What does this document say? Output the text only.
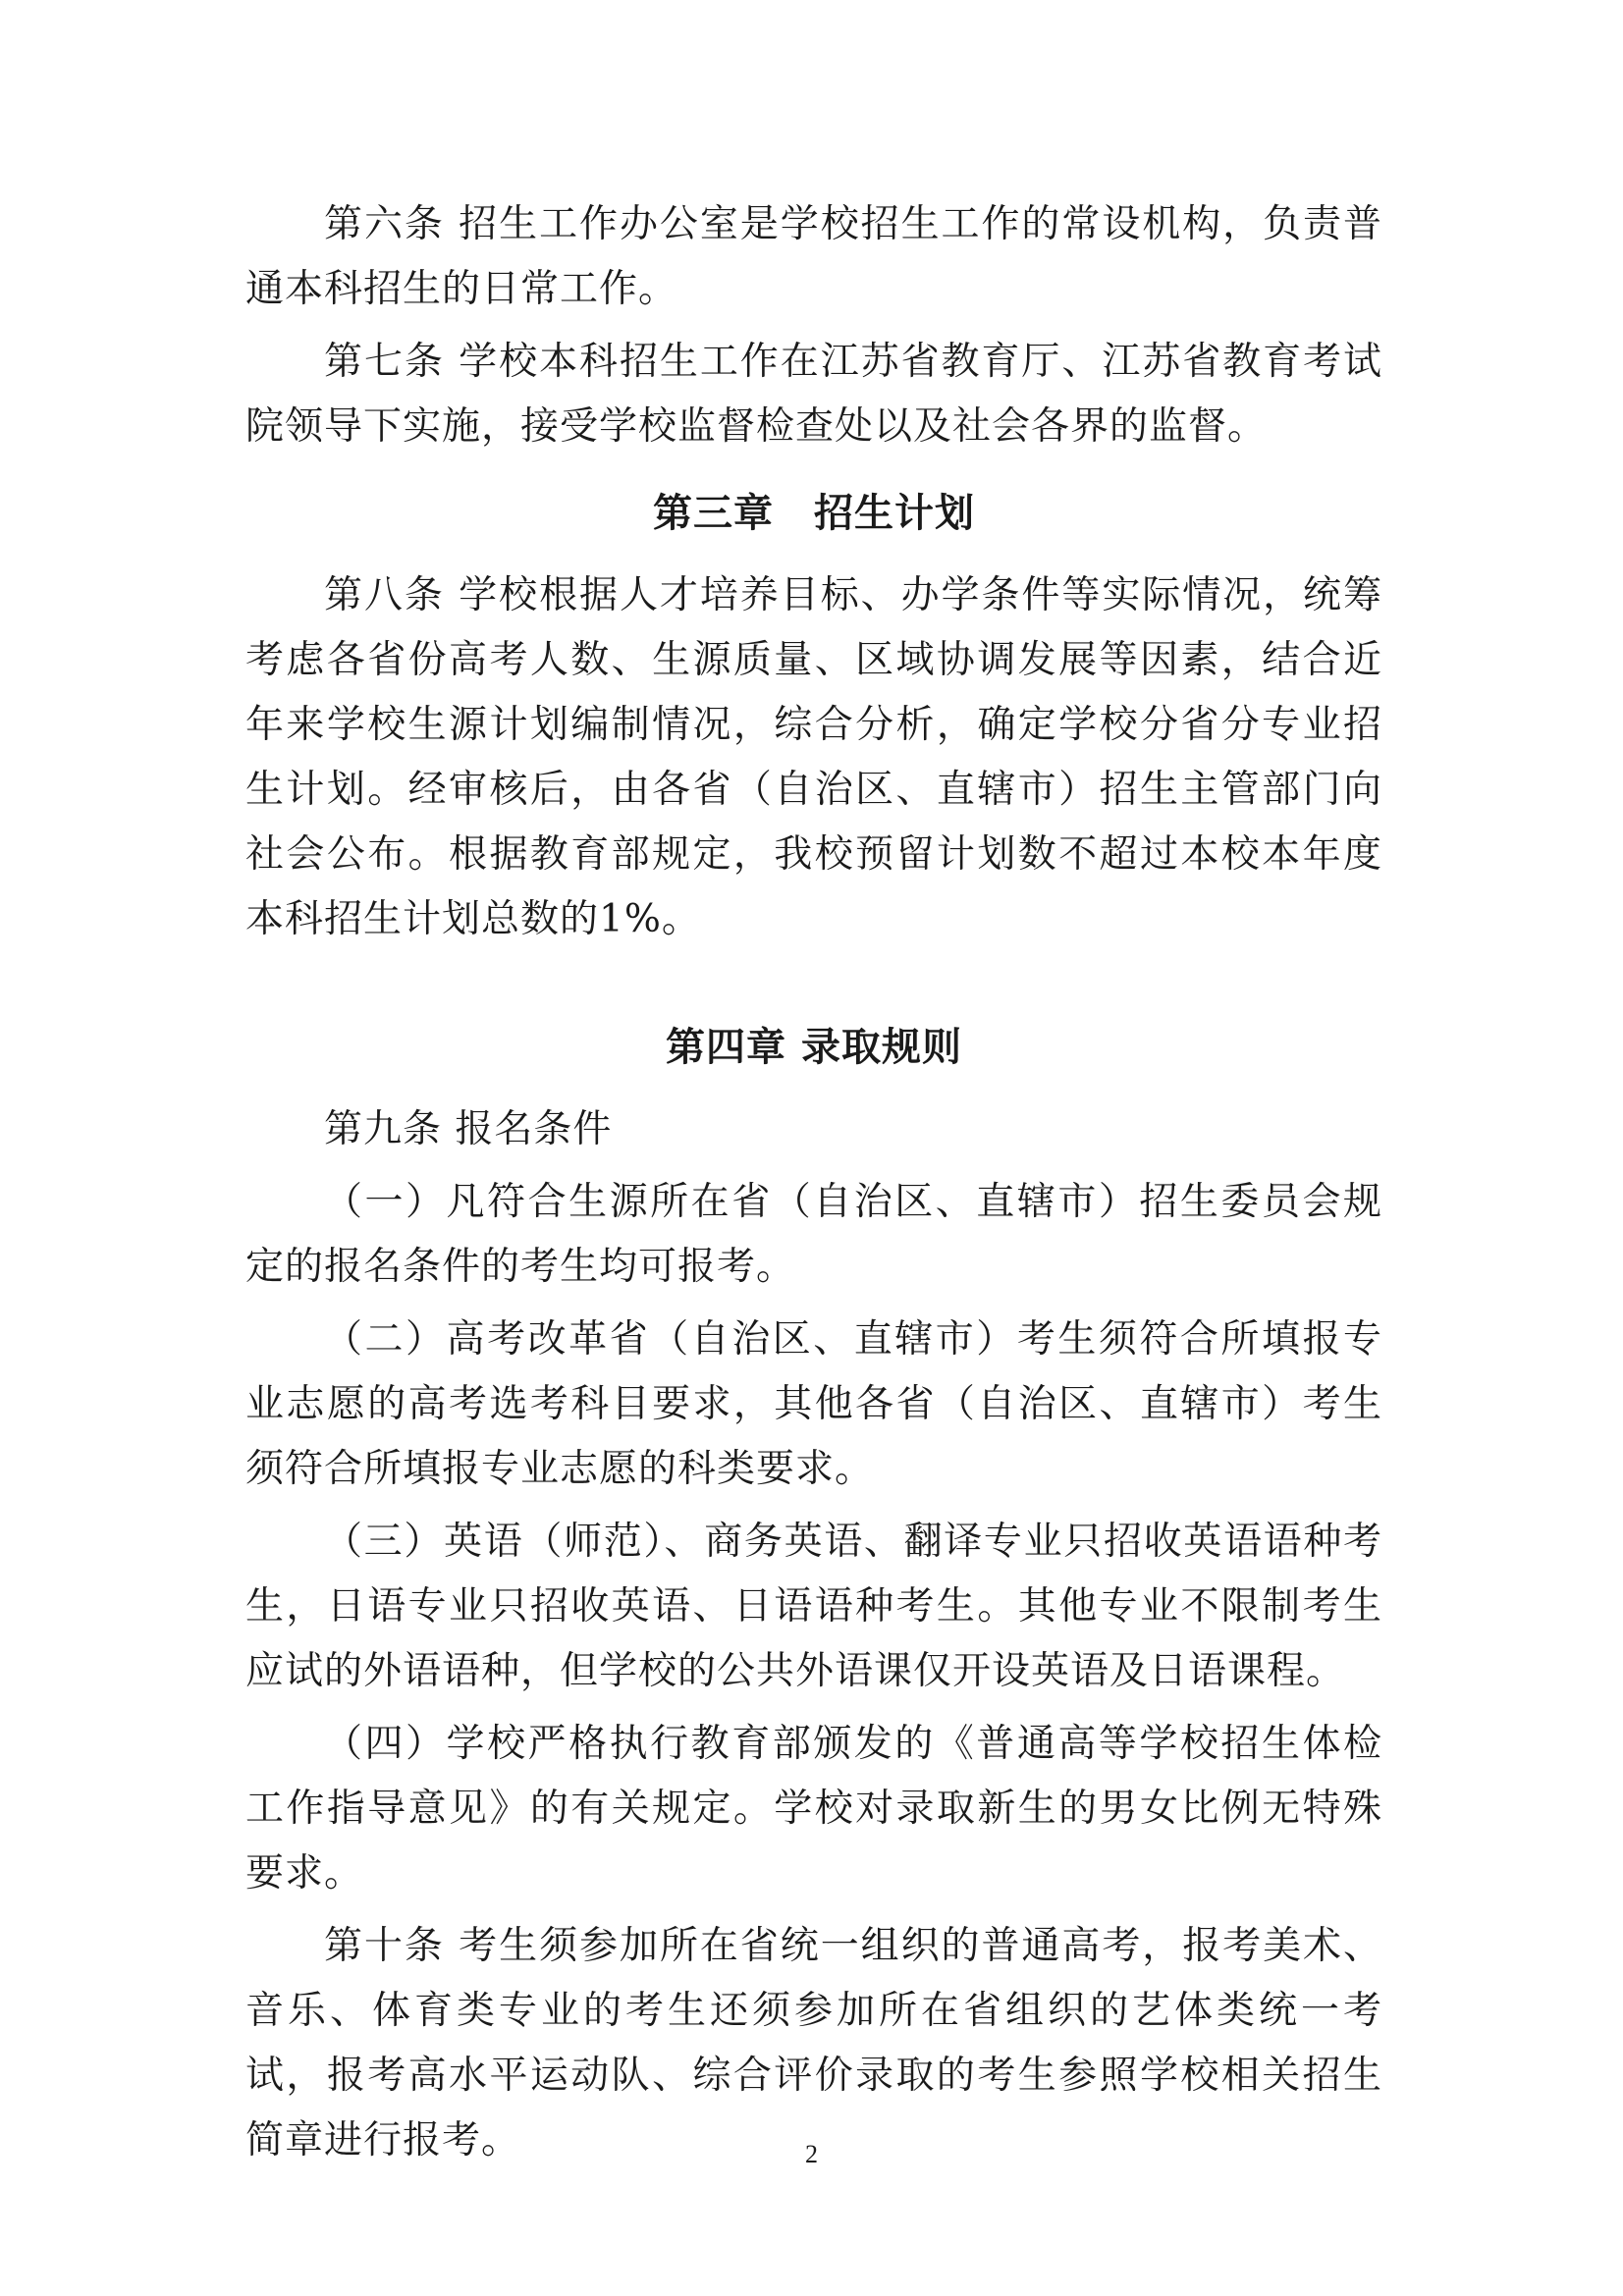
第六条 招生工作办公室是学校招生工作的常设机构，负责普通本科招生的日常工作。

第七条 学校本科招生工作在江苏省教育厅、江苏省教育考试院领导下实施，接受学校监督检查处以及社会各界的监督。

第三章　招生计划

第八条 学校根据人才培养目标、办学条件等实际情况，统筹考虑各省份高考人数、生源质量、区域协调发展等因素，结合近年来学校生源计划编制情况，综合分析，确定学校分省分专业招生计划。经审核后，由各省（自治区、直辖市）招生主管部门向社会公布。根据教育部规定，我校预留计划数不超过本校本年度本科招生计划总数的1%。

第四章 录取规则

第九条 报名条件

（一）凡符合生源所在省（自治区、直辖市）招生委员会规定的报名条件的考生均可报考。

（二）高考改革省（自治区、直辖市）考生须符合所填报专业志愿的高考选考科目要求，其他各省（自治区、直辖市）考生须符合所填报专业志愿的科类要求。

（三）英语（师范）、商务英语、翻译专业只招收英语语种考生，日语专业只招收英语、日语语种考生。其他专业不限制考生应试的外语语种，但学校的公共外语课仅开设英语及日语课程。

（四）学校严格执行教育部颁发的《普通高等学校招生体检工作指导意见》的有关规定。学校对录取新生的男女比例无特殊要求。

第十条 考生须参加所在省统一组织的普通高考，报考美术、音乐、体育类专业的考生还须参加所在省组织的艺体类统一考试，报考高水平运动队、综合评价录取的考生参照学校相关招生简章进行报考。	2
